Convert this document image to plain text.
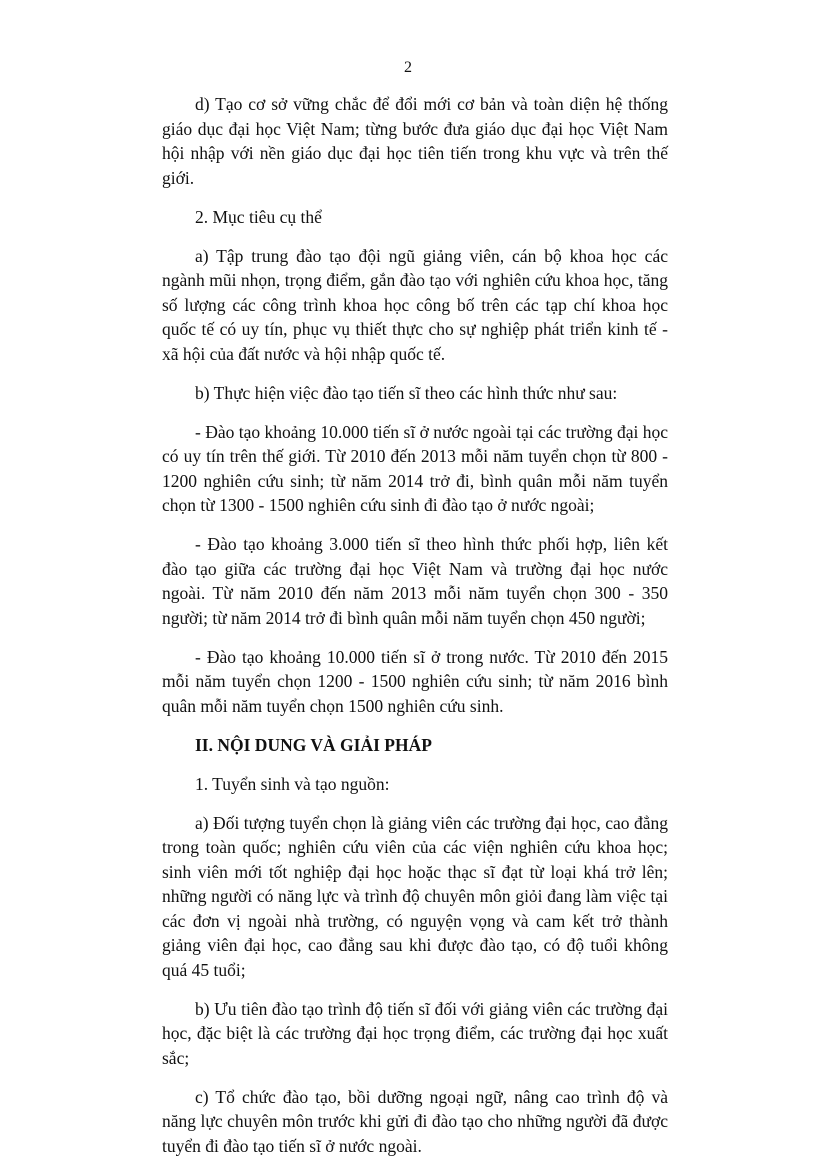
2

d) Tạo cơ sở vững chắc để đổi mới cơ bản và toàn diện hệ thống giáo dục đại học Việt Nam; từng bước đưa giáo dục đại học Việt Nam hội nhập với nền giáo dục đại học tiên tiến trong khu vực và trên thế giới.

2. Mục tiêu cụ thể

a) Tập trung đào tạo đội ngũ giảng viên, cán bộ khoa học các ngành mũi nhọn, trọng điểm, gắn đào tạo với nghiên cứu khoa học, tăng số lượng các công trình khoa học công bố trên các tạp chí khoa học quốc tế có uy tín, phục vụ thiết thực cho sự nghiệp phát triển kinh tế - xã hội của đất nước và hội nhập quốc tế.

b) Thực hiện việc đào tạo tiến sĩ theo các hình thức như sau:

- Đào tạo khoảng 10.000 tiến sĩ ở nước ngoài tại các trường đại học có uy tín trên thế giới. Từ 2010 đến 2013 mỗi năm tuyển chọn từ 800 - 1200 nghiên cứu sinh; từ năm 2014 trở đi, bình quân mỗi năm tuyển chọn từ 1300 - 1500 nghiên cứu sinh đi đào tạo ở nước ngoài;

- Đào tạo khoảng 3.000 tiến sĩ theo hình thức phối hợp, liên kết đào tạo giữa các trường đại học Việt Nam và trường đại học nước ngoài. Từ năm 2010 đến năm 2013 mỗi năm tuyển chọn 300 - 350 người; từ năm 2014 trở đi bình quân mỗi năm tuyển chọn 450 người;

- Đào tạo khoảng 10.000 tiến sĩ ở trong nước. Từ 2010 đến 2015 mỗi năm tuyển chọn 1200 - 1500 nghiên cứu sinh; từ năm 2016 bình quân mỗi năm tuyển chọn 1500 nghiên cứu sinh.

II. NỘI DUNG VÀ GIẢI PHÁP

1. Tuyển sinh và tạo nguồn:

a) Đối tượng tuyển chọn là giảng viên các trường đại học, cao đẳng trong toàn quốc; nghiên cứu viên của các viện nghiên cứu khoa học; sinh viên mới tốt nghiệp đại học hoặc thạc sĩ đạt từ loại khá trở lên; những người có năng lực và trình độ chuyên môn giỏi đang làm việc tại các đơn vị ngoài nhà trường, có nguyện vọng và cam kết trở thành giảng viên đại học, cao đẳng sau khi được đào tạo, có độ tuổi không quá 45 tuổi;

b) Ưu tiên đào tạo trình độ tiến sĩ đối với giảng viên các trường đại học, đặc biệt là các trường đại học trọng điểm, các trường đại học xuất sắc;

c) Tổ chức đào tạo, bồi dưỡng ngoại ngữ, nâng cao trình độ và năng lực chuyên môn trước khi gửi đi đào tạo cho những người đã được tuyển đi đào tạo tiến sĩ ở nước ngoài.
